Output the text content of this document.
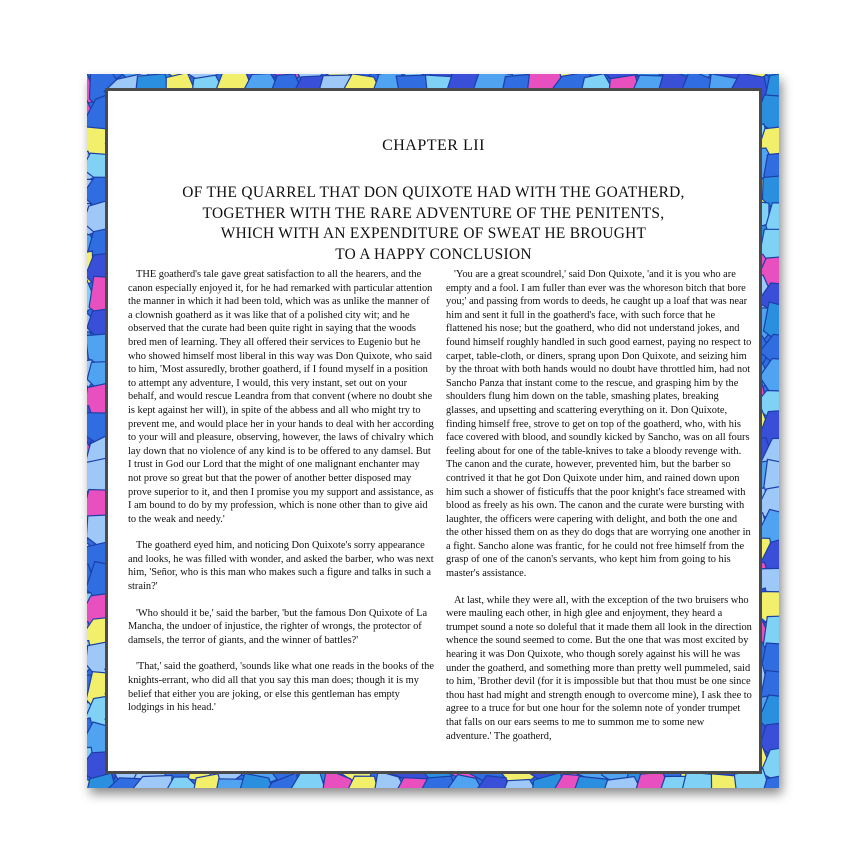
CHAPTER LII
OF THE QUARREL THAT DON QUIXOTE HAD WITH THE GOATHERD,
TOGETHER WITH THE RARE ADVENTURE OF THE PENITENTS,
WHICH WITH AN EXPENDITURE OF SWEAT HE BROUGHT
TO A HAPPY CONCLUSION

THE goatherd's tale gave great satisfaction to all the hearers, and the canon especially enjoyed it, for he had remarked with particular attention the manner in which it had been told, which was as unlike the manner of a clownish goatherd as it was like that of a polished city wit; and he observed that the curate had been quite right in saying that the woods bred men of learning. They all offered their services to Eugenio but he who showed himself most liberal in this way was Don Quixote, who said to him, 'Most assuredly, brother goatherd, if I found myself in a position to attempt any adventure, I would, this very instant, set out on your behalf, and would rescue Leandra from that convent (where no doubt she is kept against her will), in spite of the abbess and all who might try to prevent me, and would place her in your hands to deal with her according to your will and pleasure, observing, however, the laws of chivalry which lay down that no violence of any kind is to be offered to any damsel. But I trust in God our Lord that the might of one malignant enchanter may not prove so great but that the power of another better disposed may prove superior to it, and then I promise you my support and assistance, as I am bound to do by my profession, which is none other than to give aid to the weak and needy.'

The goatherd eyed him, and noticing Don Quixote's sorry appearance and looks, he was filled with wonder, and asked the barber, who was next him, 'Señor, who is this man who makes such a figure and talks in such a strain?'

'Who should it be,' said the barber, 'but the famous Don Quixote of La Mancha, the undoer of injustice, the righter of wrongs, the protector of damsels, the terror of giants, and the winner of battles?'

'That,' said the goatherd, 'sounds like what one reads in the books of the knights-errant, who did all that you say this man does; though it is my belief that either you are joking, or else this gentleman has empty lodgings in his head.'

'You are a great scoundrel,' said Don Quixote, 'and it is you who are empty and a fool. I am fuller than ever was the whoreson bitch that bore you;' and passing from words to deeds, he caught up a loaf that was near him and sent it full in the goatherd's face, with such force that he flattened his nose; but the goatherd, who did not understand jokes, and found himself roughly handled in such good earnest, paying no respect to carpet, table-cloth, or diners, sprang upon Don Quixote, and seizing him by the throat with both hands would no doubt have throttled him, had not Sancho Panza that instant come to the rescue, and grasping him by the shoulders flung him down on the table, smashing plates, breaking glasses, and upsetting and scattering everything on it. Don Quixote, finding himself free, strove to get on top of the goatherd, who, with his face covered with blood, and soundly kicked by Sancho, was on all fours feeling about for one of the table-knives to take a bloody revenge with. The canon and the curate, however, prevented him, but the barber so contrived it that he got Don Quixote under him, and rained down upon him such a shower of fisticuffs that the poor knight's face streamed with blood as freely as his own. The canon and the curate were bursting with laughter, the officers were capering with delight, and both the one and the other hissed them on as they do dogs that are worrying one another in a fight. Sancho alone was frantic, for he could not free himself from the grasp of one of the canon's servants, who kept him from going to his master's assistance.

At last, while they were all, with the exception of the two bruisers who were mauling each other, in high glee and enjoyment, they heard a trumpet sound a note so doleful that it made them all look in the direction whence the sound seemed to come. But the one that was most excited by hearing it was Don Quixote, who though sorely against his will he was under the goatherd, and something more than pretty well pummeled, said to him, 'Brother devil (for it is impossible but that thou must be one since thou hast had might and strength enough to overcome mine), I ask thee to agree to a truce for but one hour for the solemn note of yonder trumpet that falls on our ears seems to me to summon me to some new adventure.' The goatherd,
